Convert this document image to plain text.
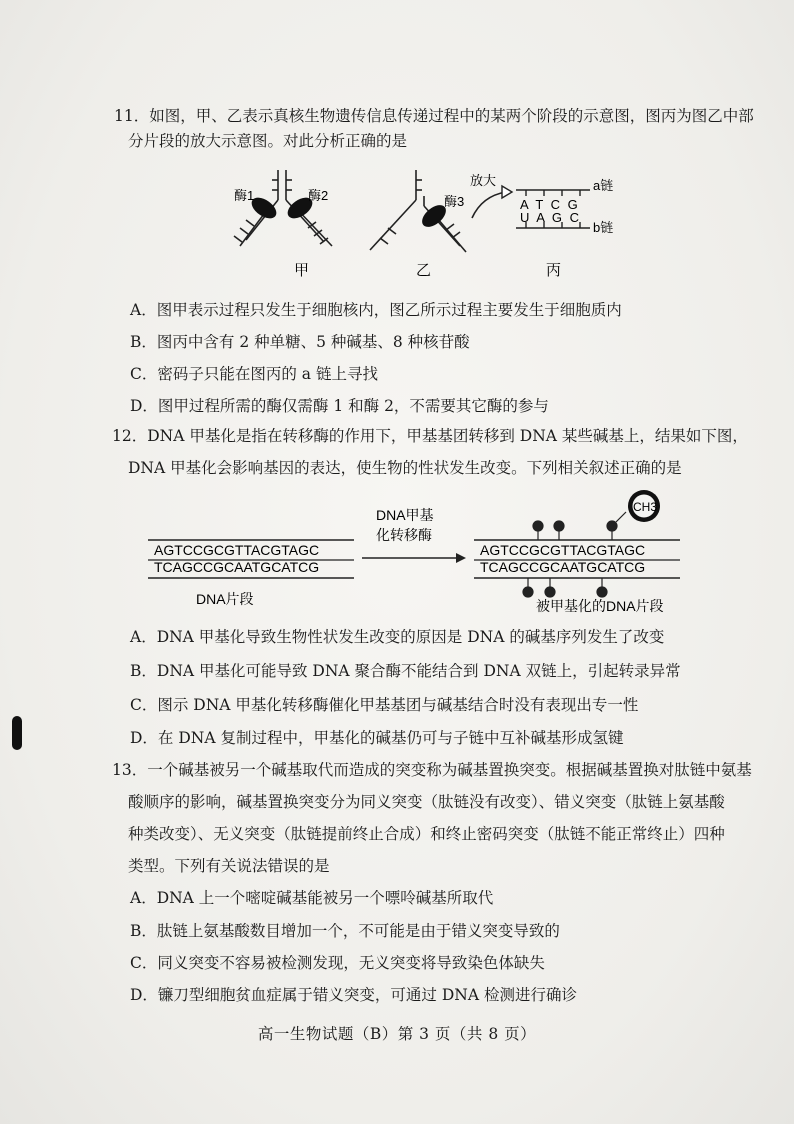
11．如图，甲、乙表示真核生物遗传信息传递过程中的某两个阶段的示意图，图丙为图乙中部
分片段的放大示意图。对此分析正确的是
酶1	酶2
甲
酶3
乙
放大
A T C G
U A G C
a链
b链
丙
A．图甲表示过程只发生于细胞核内，图乙所示过程主要发生于细胞质内
B．图丙中含有 2 种单糖、5 种碱基、8 种核苷酸
C．密码子只能在图丙的 a 链上寻找
D．图甲过程所需的酶仅需酶 1 和酶 2，不需要其它酶的参与
12．DNA 甲基化是指在转移酶的作用下，甲基基团转移到 DNA 某些碱基上，结果如下图，
DNA 甲基化会影响基因的表达，使生物的性状发生改变。下列相关叙述正确的是
AGTCCGCGTTACGTAGC
TCAGCCGCAATGCATCG
DNA片段
DNA甲基
化转移酶
AGTCCGCGTTACGTAGC
TCAGCCGCAATGCATCG
CH3
被甲基化的DNA片段
A．DNA 甲基化导致生物性状发生改变的原因是 DNA 的碱基序列发生了改变
B．DNA 甲基化可能导致 DNA 聚合酶不能结合到 DNA 双链上，引起转录异常
C．图示 DNA 甲基化转移酶催化甲基基团与碱基结合时没有表现出专一性
D．在 DNA 复制过程中，甲基化的碱基仍可与子链中互补碱基形成氢键
13．一个碱基被另一个碱基取代而造成的突变称为碱基置换突变。根据碱基置换对肽链中氨基
酸顺序的影响，碱基置换突变分为同义突变（肽链没有改变）、错义突变（肽链上氨基酸
种类改变）、无义突变（肽链提前终止合成）和终止密码突变（肽链不能正常终止）四种
类型。下列有关说法错误的是
A．DNA 上一个嘧啶碱基能被另一个嘌呤碱基所取代
B．肽链上氨基酸数目增加一个，不可能是由于错义突变导致的
C．同义突变不容易被检测发现，无义突变将导致染色体缺失
D．镰刀型细胞贫血症属于错义突变，可通过 DNA 检测进行确诊
高一生物试题（B）第 3 页（共 8 页）
